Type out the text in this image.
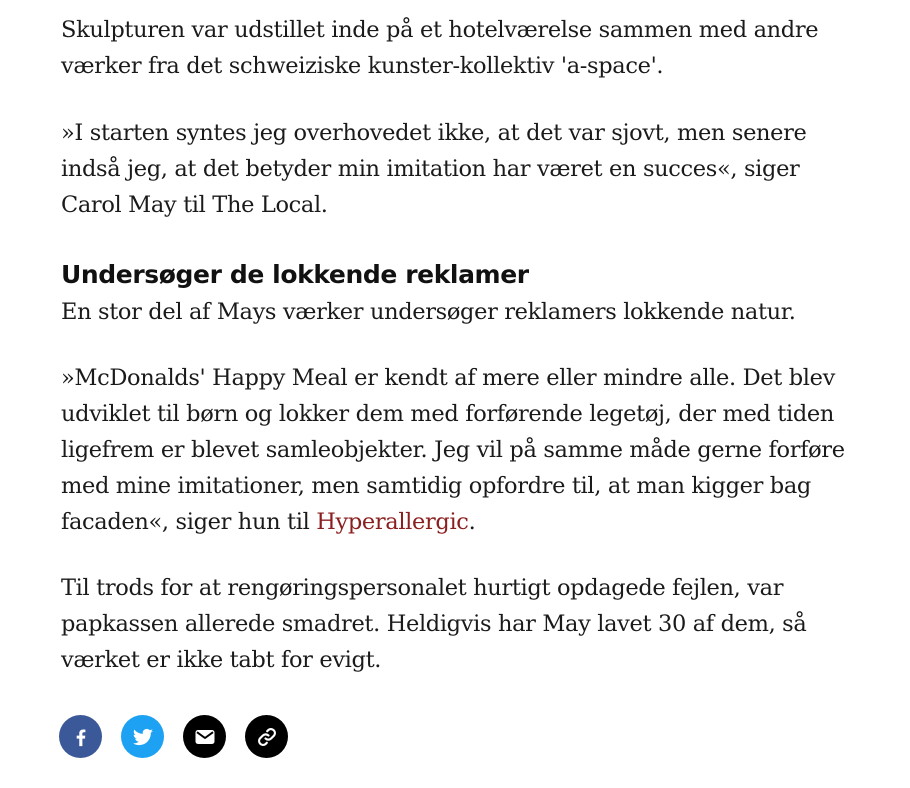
Skulpturen var udstillet inde på et hotelværelse sammen med andre værker fra det schweiziske kunster-kollektiv 'a-space'.

»I starten syntes jeg overhovedet ikke, at det var sjovt, men senere indså jeg, at det betyder min imitation har været en succes«, siger Carol May til The Local.

Undersøger de lokkende reklamer

En stor del af Mays værker undersøger reklamers lokkende natur.

»McDonalds' Happy Meal er kendt af mere eller mindre alle. Det blev udviklet til børn og lokker dem med forførende legetøj, der med tiden ligefrem er blevet samleobjekter. Jeg vil på samme måde gerne forføre med mine imitationer, men samtidig opfordre til, at man kigger bag facaden«, siger hun til Hyperallergic.

Til trods for at rengøringspersonalet hurtigt opdagede fejlen, var papkassen allerede smadret. Heldigvis har May lavet 30 af dem, så værket er ikke tabt for evigt.
